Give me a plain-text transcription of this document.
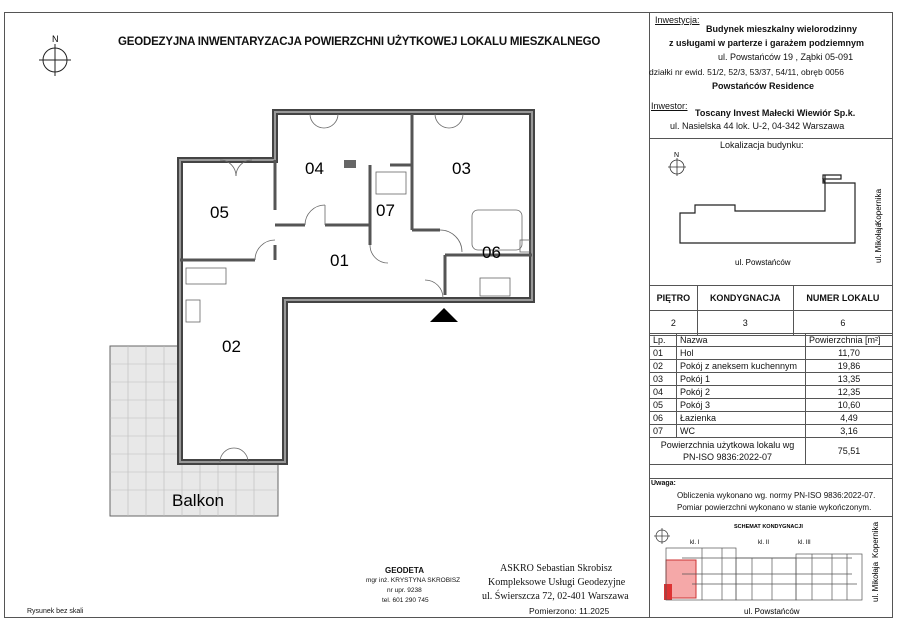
GEODEZYJNA INWENTARYZACJA POWIERZCHNI UŻYTKOWEJ LOKALU MIESZKALNEGO
N
01
02
03
04
05
06
07
Balkon
Inwestycja:
Budynek mieszkalny wielorodzinny
z usługami w parterze i garażem podziemnym
ul. Powstańców 19 , Ząbki 05-091
działki nr ewid. 51/2, 52/3, 53/37, 54/11, obręb 0056
Powstańców Residence
Inwestor:
Toscany Invest Małecki Wiewiór Sp.k.
ul. Nasielska 44 lok. U-2, 04-342 Warszawa
Lokalizacja budynku:
N
ul. Powstańców
Kopernika
ul. Mikołaja
PIĘTRO	KONDYGNACJA	NUMER LOKALU
2	3	6
Lp.	Nazwa	Powierzchnia [m²]
01	Hol	11,70
02	Pokój z aneksem kuchennym	19,86
03	Pokój 1	13,35
04	Pokój 2	12,35
05	Pokój 3	10,60
06	Łazienka	4,49
07	WC	3,16
Powierzchnia użytkowa lokalu wg
PN-ISO 9836:2022-07		75,51
Uwaga:
Obliczenia wykonano wg. normy PN-ISO 9836:2022-07.
Pomiar powierzchni wykonano w stanie wykończonym.
SCHEMAT KONDYGNACJI
kl. I	kl. II	kl. III
ul. Powstańców
Kopernika
ul. Mikołaja
GEODETA
mgr inż. KRYSTYNA SKROBISZ
nr upr. 9238
tel. 601 290 745
ASKRO Sebastian Skrobisz
Kompleksowe Usługi Geodezyjne
ul. Świerszcza 72, 02-401 Warszawa
Pomierzono: 11.2025
Rysunek bez skali
